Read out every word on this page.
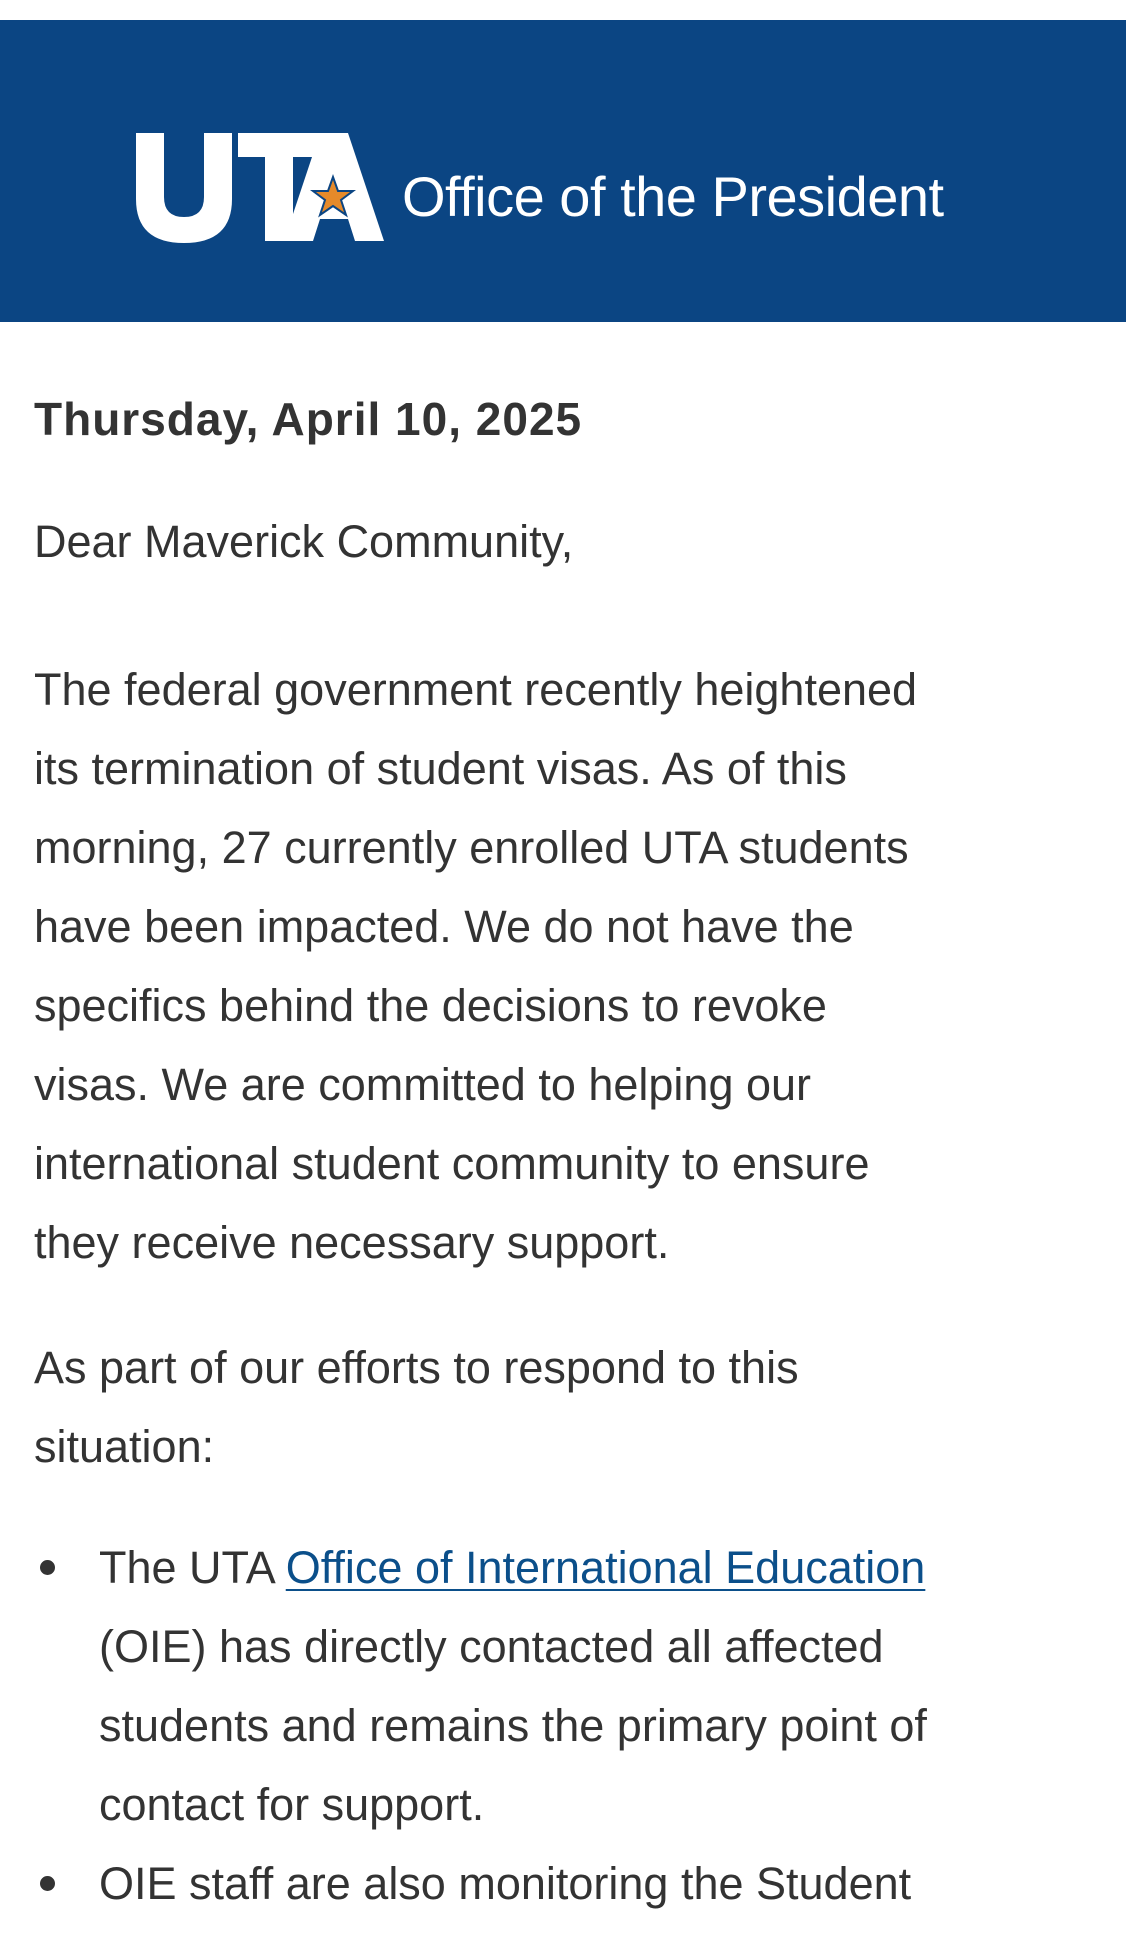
Office of the President
Thursday, April 10, 2025
Dear Maverick Community,
The federal government recently heightened
its termination of student visas. As of this
morning, 27 currently enrolled UTA students
have been impacted. We do not have the
specifics behind the decisions to revoke
visas. We are committed to helping our
international student community to ensure
they receive necessary support.
As part of our efforts to respond to this
situation:
The UTA Office of International Education
(OIE) has directly contacted all affected
students and remains the primary point of
contact for support.
OIE staff are also monitoring the Student
